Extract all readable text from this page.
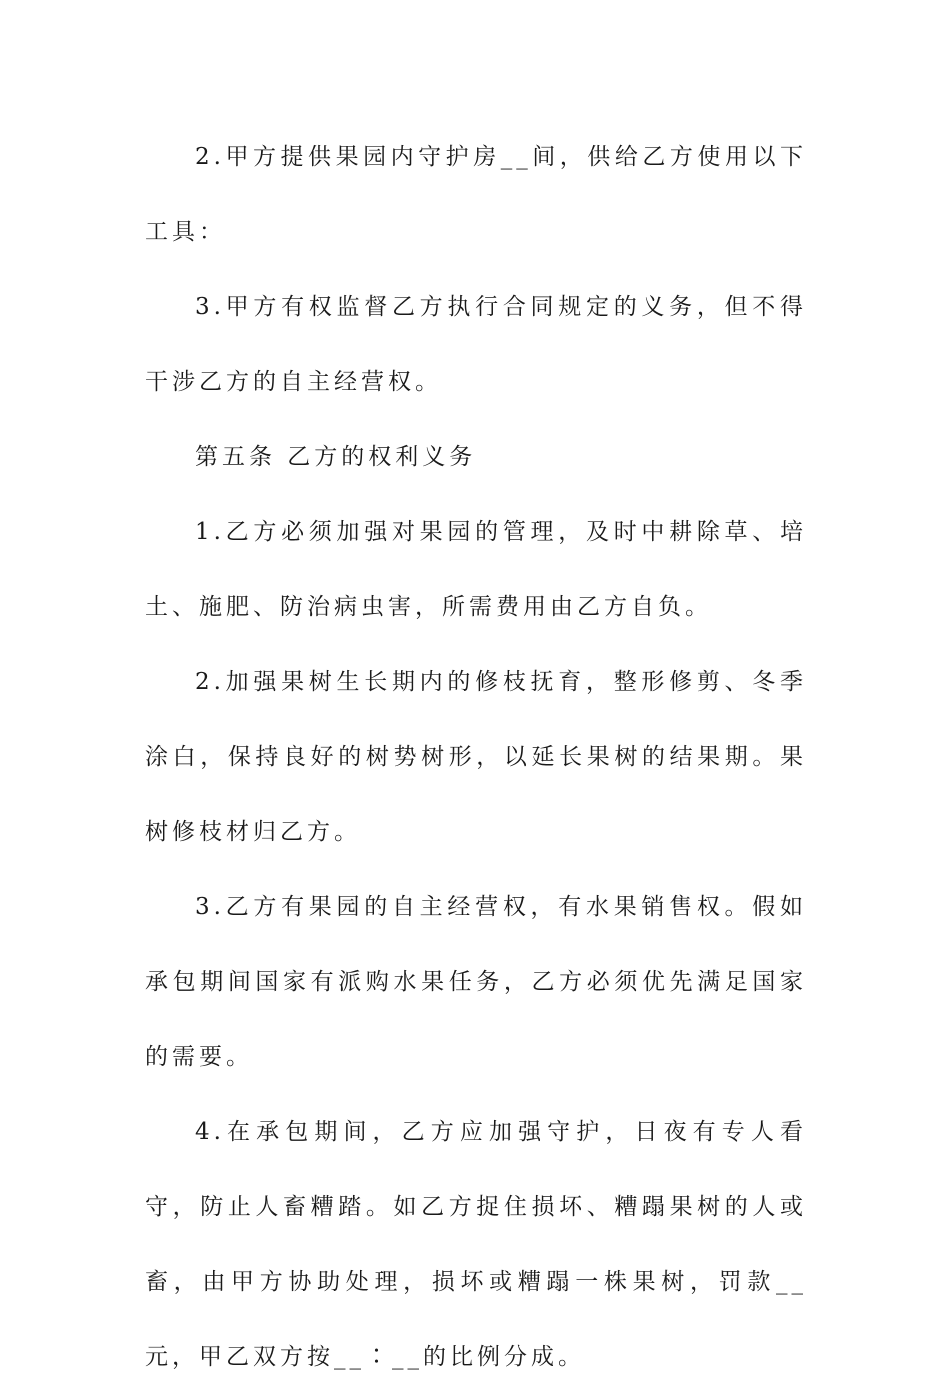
2.甲方提供果园内守护房__间，供给乙方使用以下工具：

3.甲方有权监督乙方执行合同规定的义务，但不得干涉乙方的自主经营权。

第五条 乙方的权利义务

1.乙方必须加强对果园的管理，及时中耕除草、培土、施肥、防治病虫害，所需费用由乙方自负。

2.加强果树生长期内的修枝抚育，整形修剪、冬季涂白，保持良好的树势树形，以延长果树的结果期。果树修枝材归乙方。

3.乙方有果园的自主经营权，有水果销售权。假如承包期间国家有派购水果任务，乙方必须优先满足国家的需要。

4.在承包期间，乙方应加强守护，日夜有专人看守，防止人畜糟踏。如乙方捉住损坏、糟蹋果树的人或畜，由甲方协助处理，损坏或糟蹋一株果树，罚款__元，甲乙双方按__∶__的比例分成。
